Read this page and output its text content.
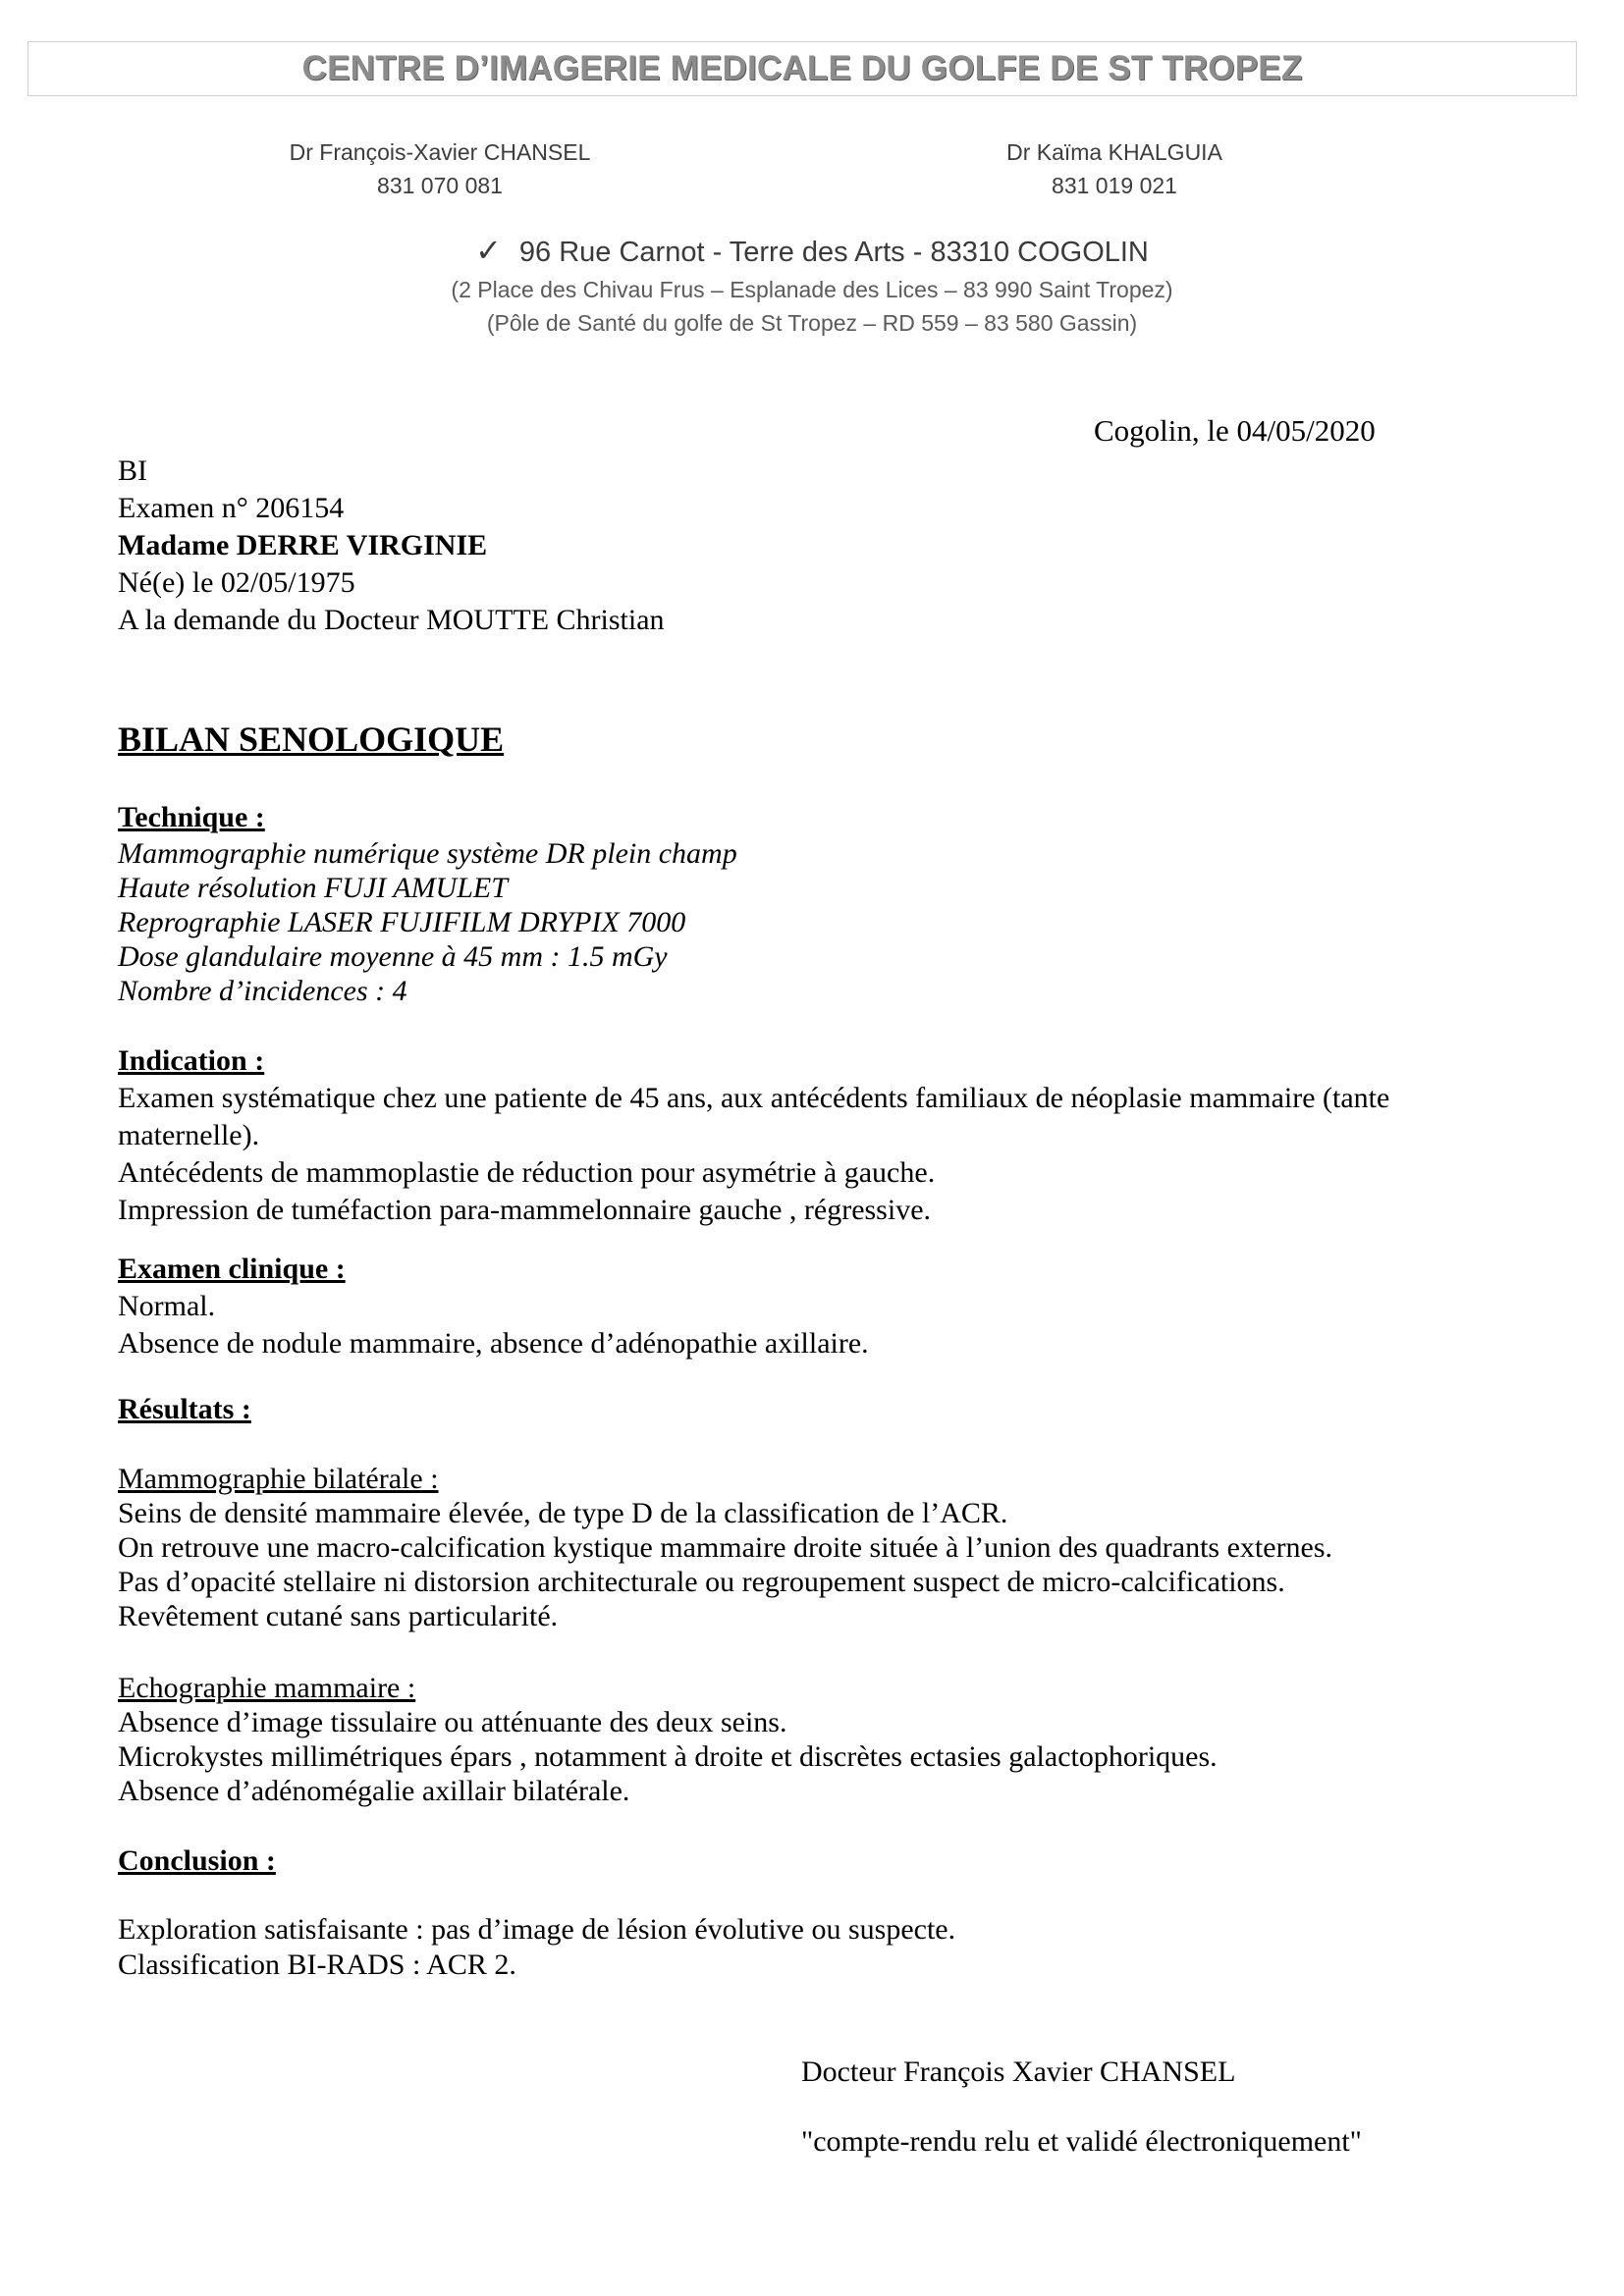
CENTRE D’IMAGERIE MEDICALE DU GOLFE DE ST TROPEZ
Dr François-Xavier CHANSEL
831 070 081
Dr Kaïma KHALGUIA
831 019 021
✓ 96 Rue Carnot - Terre des Arts - 83310 COGOLIN
(2 Place des Chivau Frus – Esplanade des Lices – 83 990 Saint Tropez)
(Pôle de Santé du golfe de St Tropez – RD 559 – 83 580 Gassin)
Cogolin, le 04/05/2020
BI
Examen n° 206154
Madame DERRE VIRGINIE
Né(e) le 02/05/1975
A la demande du Docteur MOUTTE Christian
BILAN SENOLOGIQUE
Technique :
Mammographie numérique système DR plein champ
Haute résolution FUJI AMULET
Reprographie LASER FUJIFILM DRYPIX 7000
Dose glandulaire moyenne à 45 mm : 1.5 mGy
Nombre d’incidences : 4
Indication :
Examen systématique chez une patiente de 45 ans, aux antécédents familiaux de néoplasie mammaire (tante
maternelle).
Antécédents de mammoplastie de réduction pour asymétrie à gauche.
Impression de tuméfaction para-mammelonnaire gauche , régressive.
Examen clinique :
Normal.
Absence de nodule mammaire, absence d’adénopathie axillaire.
Résultats :
Mammographie bilatérale :
Seins de densité mammaire élevée, de type D de la classification de l’ACR.
On retrouve une macro-calcification kystique mammaire droite située à l’union des quadrants externes.
Pas d’opacité stellaire ni distorsion architecturale ou regroupement suspect de micro-calcifications.
Revêtement cutané sans particularité.
Echographie mammaire :
Absence d’image tissulaire ou atténuante des deux seins.
Microkystes millimétriques épars , notamment à droite et discrètes ectasies galactophoriques.
Absence d’adénomégalie axillair bilatérale.
Conclusion :
Exploration satisfaisante : pas d’image de lésion évolutive ou suspecte.
Classification BI-RADS : ACR 2.
Docteur François Xavier CHANSEL
"compte-rendu relu et validé électroniquement"
